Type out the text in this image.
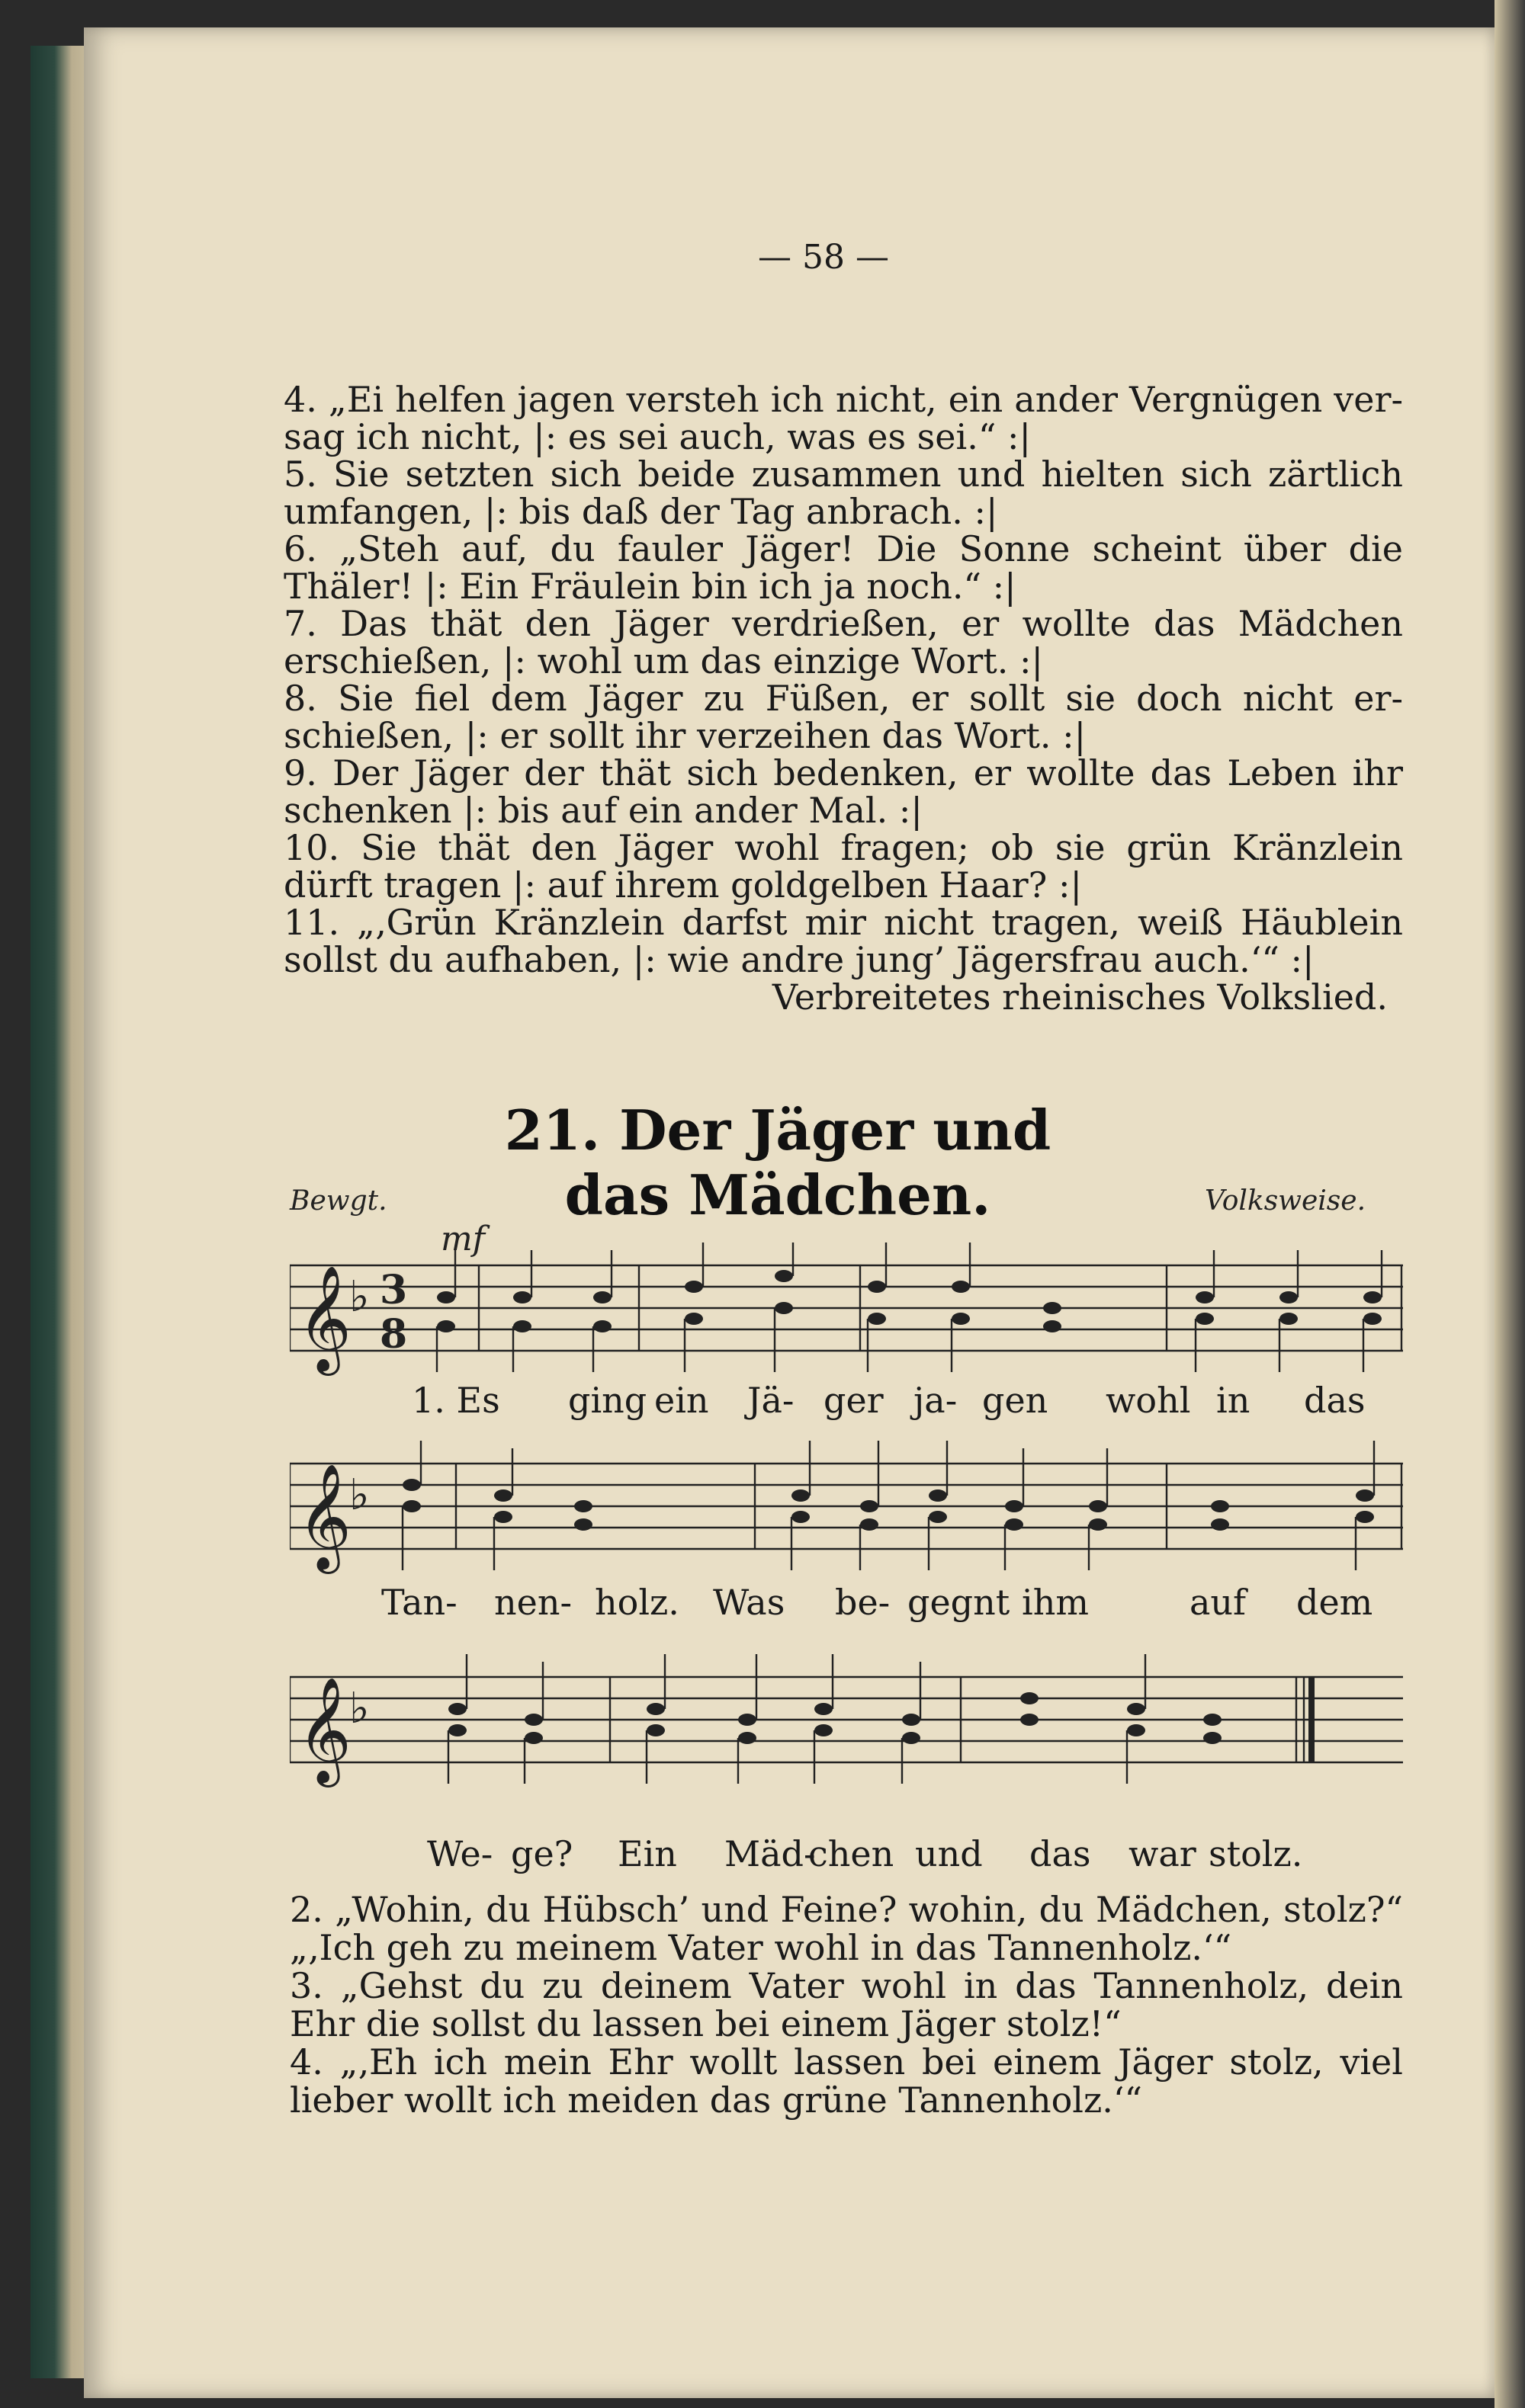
— 58 —
4. „Ei helfen jagen versteh ich nicht, ein ander Vergnügen ver-
sag ich nicht, |: es sei auch, was es sei.“ :|
5. Sie setzten sich beide zusammen und hielten sich zärtlich
umfangen, |: bis daß der Tag anbrach. :|
6. „Steh auf, du fauler Jäger! Die Sonne scheint über die
Thäler! |: Ein Fräulein bin ich ja noch.“ :|
7. Das thät den Jäger verdrießen, er wollte das Mädchen
erschießen, |: wohl um das einzige Wort. :|
8. Sie fiel dem Jäger zu Füßen, er sollt sie doch nicht er-
schießen, |: er sollt ihr verzeihen das Wort. :|
9. Der Jäger der thät sich bedenken, er wollte das Leben ihr
schenken |: bis auf ein ander Mal. :|
10. Sie thät den Jäger wohl fragen; ob sie grün Kränzlein
dürft tragen |: auf ihrem goldgelben Haar? :|
11. „‚Grün Kränzlein darfst mir nicht tragen, weiß Häublein
sollst du aufhaben, |: wie andre jung’ Jägersfrau auch.‘“ :|
Verbreitetes rheinisches Volkslied.
21. Der Jäger und das Mädchen.
Bewgt.	Volksweise.
mf
𝄞
♭ 3
8
1. Es ging ein Jä- ger ja- gen wohl in das
𝄞
♭
Tan- nen- holz. Was be- gegnt ihm	auf dem
𝄞
♭
We- ge? Ein Mäd-
chen und das war stolz.
2. „Wohin, du Hübsch’ und Feine? wohin, du Mädchen, stolz?“
„‚Ich geh zu meinem Vater wohl in das Tannenholz.‘“
3. „Gehst du zu deinem Vater wohl in das Tannenholz, dein
Ehr die sollst du lassen bei einem Jäger stolz!“
4. „‚Eh ich mein Ehr wollt lassen bei einem Jäger stolz, viel
lieber wollt ich meiden das grüne Tannenholz.‘“
